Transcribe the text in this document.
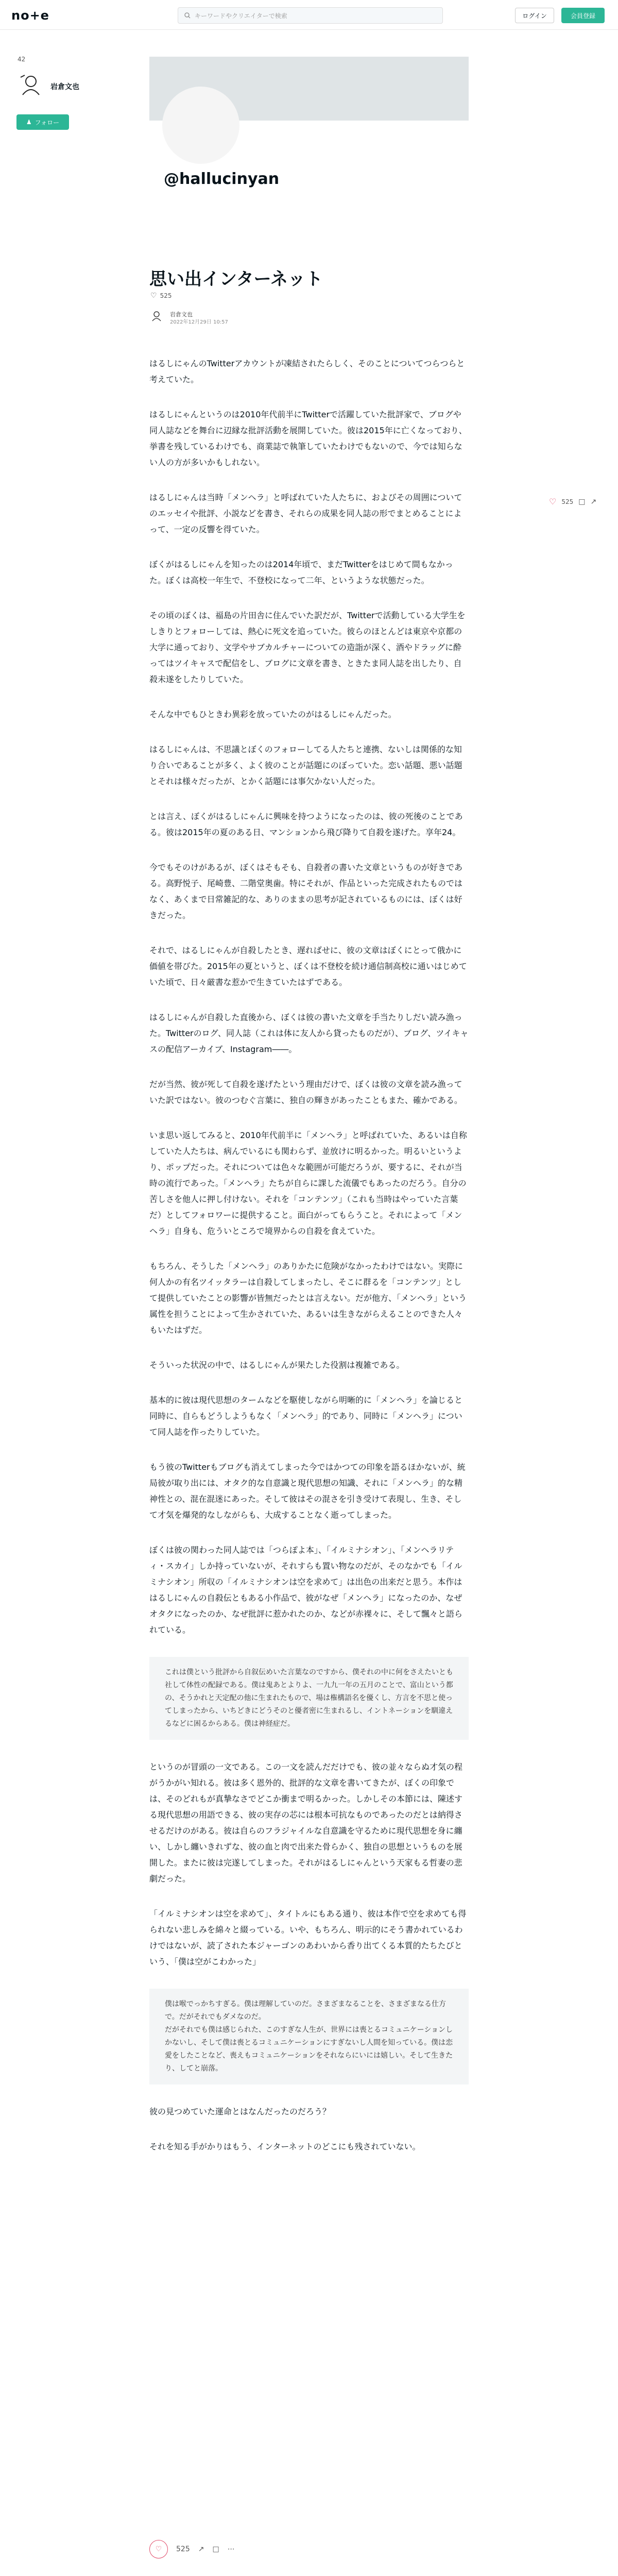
no+e	キーワードやクリエイターで検索	ログイン	会員登録
42
岩倉文也
♟ フォロー
@hallucinyan
思い出インターネット
♡ 525
岩倉文也
2022年12月29日 10:57

はるしにゃんのTwitterアカウントが凍結されたらしく、そのことについてつらつらと考えていた。

はるしにゃんというのは2010年代前半にTwitterで活躍していた批評家で、ブログや同人誌などを舞台に辺縁な批評活動を展開していた。彼は2015年に亡くなっており、挙書を残しているわけでも、商業誌で執筆していたわけでもないので、今では知らない人の方が多いかもしれない。

はるしにゃんは当時「メンヘラ」と呼ばれていた人たちに、およびその周囲についてのエッセイや批評、小説などを書き、それらの成果を同人誌の形でまとめることによって、一定の反響を得ていた。

ぼくがはるしにゃんを知ったのは2014年頃で、まだTwitterをはじめて間もなかった。ぼくは高校一年生で、不登校になって二年、というような状態だった。

その頃のぼくは、福島の片田舎に住んでいた訳だが、Twitterで活動している大学生をしきりとフォローしては、熱心に死文を追っていた。彼らのほとんどは東京や京都の大学に通っており、文学やサブカルチャーについての造詣が深く、酒やドラッグに酔ってはツイキャスで配信をし、ブログに文章を書き、ときたま同人誌を出したり、自殺未遂をしたりしていた。

そんな中でもひときわ異彩を放っていたのがはるしにゃんだった。

はるしにゃんは、不思議とぼくのフォローしてる人たちと連携、ないしは関係的な知り合いであることが多く、よく彼のことが話題にのぼっていた。恋い話題、悪い話題とそれは様々だったが、とかく話題には事欠かない人だった。

とは言え、ぼくがはるしにゃんに興味を持つようになったのは、彼の死後のことである。彼は2015年の夏のある日、マンションから飛び降りて自殺を遂げた。享年24。

今でもそのけがあるが、ぼくはそもそも、自殺者の書いた文章というものが好きである。高野悦子、尾崎豊、二階堂奥歯。特にそれが、作品といった完成されたものではなく、あくまで日常雑記的な、ありのままの思考が記されているものには、ぼくは好きだった。

それで、はるしにゃんが自殺したとき、遅ればせに、彼の文章はぼくにとって俄かに価値を帯びた。2015年の夏というと、ぼくは不登校を続け通信制高校に通いはじめていた頃で、日々厳書な惹かで生きていたはずである。

はるしにゃんが自殺した直後から、ぼくは彼の書いた文章を手当たりしだい読み漁った。Twitterのログ、同人誌（これは体に友人から貸ったものだが）、ブログ、ツイキャスの配信アーカイブ、Instagram――。

だが当然、彼が死して自殺を遂げたという理由だけで、ぼくは彼の文章を読み漁っていた訳ではない。彼のつむぐ言葉に、独自の輝きがあったこともまた、確かである。

いま思い返してみると、2010年代前半に「メンヘラ」と呼ばれていた、あるいは自称していた人たちは、病んでいるにも関わらず、並放けに明るかった。明るいというより、ポップだった。それについては色々な範囲が可能だろうが、要するに、それが当時の流行であった。「メンヘラ」たちが自らに課した流儀でもあったのだろう。自分の苦しさを他人に押し付けない。それを「コンテンツ」（これも当時はやっていた言葉だ）としてフォロワーに提供すること。面白がってもらうこと。それによって「メンヘラ」自身も、危ういところで境界からの自殺を食えていた。

もちろん、そうした「メンヘラ」のありかたに危険がなかったわけではない。実際に何人かの有名ツイッタラーは自殺してしまったし、そこに群るを「コンテンツ」として提供していたことの影響が皆無だったとは言えない。だが他方、「メンヘラ」という属性を担うことによって生かされていた、あるいは生きながらえることのできた人々もいたはずだ。

そういった状況の中で、はるしにゃんが果たした役割は複雑である。

基本的に彼は現代思想のタームなどを駆使しながら明晰的に「メンヘラ」を論じると同時に、自らもどうしようもなく「メンヘラ」的であり、同時に「メンヘラ」について同人誌を作ったりしていた。

もう彼のTwitterもブログも消えてしまった今ではかつての印象を語るほかないが、統局彼が取り出には、オタク的な自意識と現代思想の知識、それに「メンヘラ」的な精神性との、混在混迷にあった。そして彼はその混さを引き受けて表現し、生き、そして才気を爆発的なしながらも、大成することなく逝ってしまった。

ぼくは彼の関わった同人誌では「つらぽよ本」、「イルミナシオン」、「メンヘラリティ・スカイ」しか持っていないが、それすらも置い物なのだが、そのなかでも「イルミナシオン」所収の「イルミナシオンは空を求めて」は出色の出来だと思う。本作ははるしにゃんの自殺伝ともある小作品で、彼がなぜ「メンヘラ」になったのか、なぜオタクになったのか、なぜ批評に惹かれたのか、などが赤裸々に、そして飄々と語られている。

これは僕という批評から自叙伝めいた言葉なのですから、僕それの中に何をさえたいとも社して体性の配録である。僕は鬼あとよりよ、一九九一年の五月のことで、富山という都の、そうかれと天定配の他に生まれたもので、場は権構語名を優くし、方言を不思と使ってしまったから、いちどきにどうそのと優者密に生まれるし、イントネーションを馴違えるなどに困るからある。僕は神経症だ。

というのが冒頭の一文である。この一文を読んだだけでも、彼の並々ならぬ才気の程がうかがい知れる。彼は多く恩外的、批評的な文章を書いてきたが、ぼくの印象では、そのどれもが真摯なさでどこか衝まで明るかった。しかしその本節には、陳述する現代思想の用語できる、彼の実存の芯には根本可抗なものであったのだとは納得させるだけのがある。彼は自らのフラジャイルな自意識を守るために現代思想を身に纏い、しかし纏いきれずな、彼の血と肉で出来た骨らかく、独自の思想というものを展開した。またに彼は完遂してしまった。それがはるしにゃんという天家もる哲妻の悲劇だった。

「イルミナシオンは空を求めて」、タイトルにもある通り、彼は本作で空を求めても得られない悲しみを綿々と綴っている。いや、もちろん、明示的にそう書かれているわけではないが、読了された本ジャーゴンのあわいから香り出てくる本質的たちたびという、「僕は空がこわかった」

僕は喉でっかちすぎる。僕は理解していのだ。さまざまなることを、さまざまなる仕方で。だがそれでもダメなのだ。
だがそれでも僕は感じられた、このすぎな人生が、世界には喪とるコミュニケーションしかないし、そして僕は喪とるコミュニケーションにすぎないし人間を知っている。僕は恋愛をしたことなど、喪えもコミュニケーションをそれならにいには嬉しい。そして生きたり、してと崩落。

彼の見つめていた運命とはなんだったのだろう？

それを知る手がかりはもう、インターネットのどこにも残されていない。

♡ 525 □ ↗
♡ 525 ↗ □ ⋯
